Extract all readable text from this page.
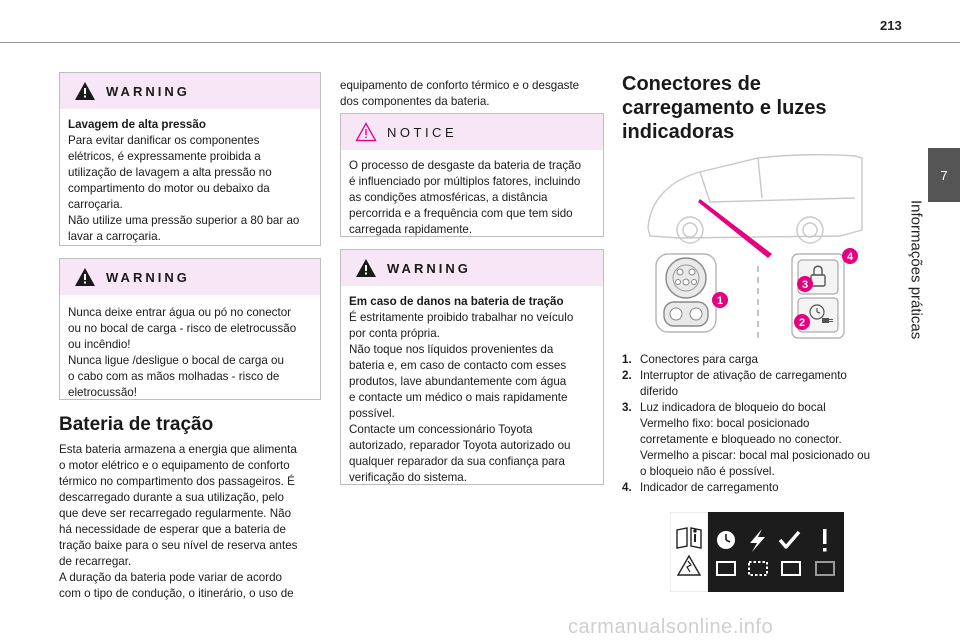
213
7
Informações práticas
WARNING
Lavagem de alta pressão
Para evitar danificar os componentes
elétricos, é expressamente proibida a
utilização de lavagem a alta pressão no
compartimento do motor ou debaixo da
carroçaria.
Não utilize uma pressão superior a 80 bar ao
lavar a carroçaria.
WARNING
Nunca deixe entrar água ou pó no conector
ou no bocal de carga - risco de eletrocussão
ou incêndio!
Nunca ligue /desligue o bocal de carga ou
o cabo com as mãos molhadas - risco de
eletrocussão!
Bateria de tração
Esta bateria armazena a energia que alimenta
o motor elétrico e o equipamento de conforto
térmico no compartimento dos passageiros. É
descarregado durante a sua utilização, pelo
que deve ser recarregado regularmente. Não
há necessidade de esperar que a bateria de
tração baixe para o seu nível de reserva antes
de recarregar.
A duração da bateria pode variar de acordo
com o tipo de condução, o itinerário, o uso de
equipamento de conforto térmico e o desgaste
dos componentes da bateria.
NOTICE
O processo de desgaste da bateria de tração
é influenciado por múltiplos fatores, incluindo
as condições atmosféricas, a distância
percorrida e a frequência com que tem sido
carregada rapidamente.
WARNING
Em caso de danos na bateria de tração
É estritamente proibido trabalhar no veículo
por conta própria.
Não toque nos líquidos provenientes da
bateria e, em caso de contacto com esses
produtos, lave abundantemente com água
e contacte um médico o mais rapidamente
possível.
Contacte um concessionário Toyota
autorizado, reparador Toyota autorizado ou
qualquer reparador da sua confiança para
verificação do sistema.
Conectores de
carregamento e luzes
indicadoras
1
2
3
4
1. Conectores para carga
2. Interruptor de ativação de carregamento
diferido
3. Luz indicadora de bloqueio do bocal
Vermelho fixo: bocal posicionado
corretamente e bloqueado no conector.
Vermelho a piscar: bocal mal posicionado ou
o bloqueio não é possível.
4. Indicador de carregamento
carmanualsonline.info
